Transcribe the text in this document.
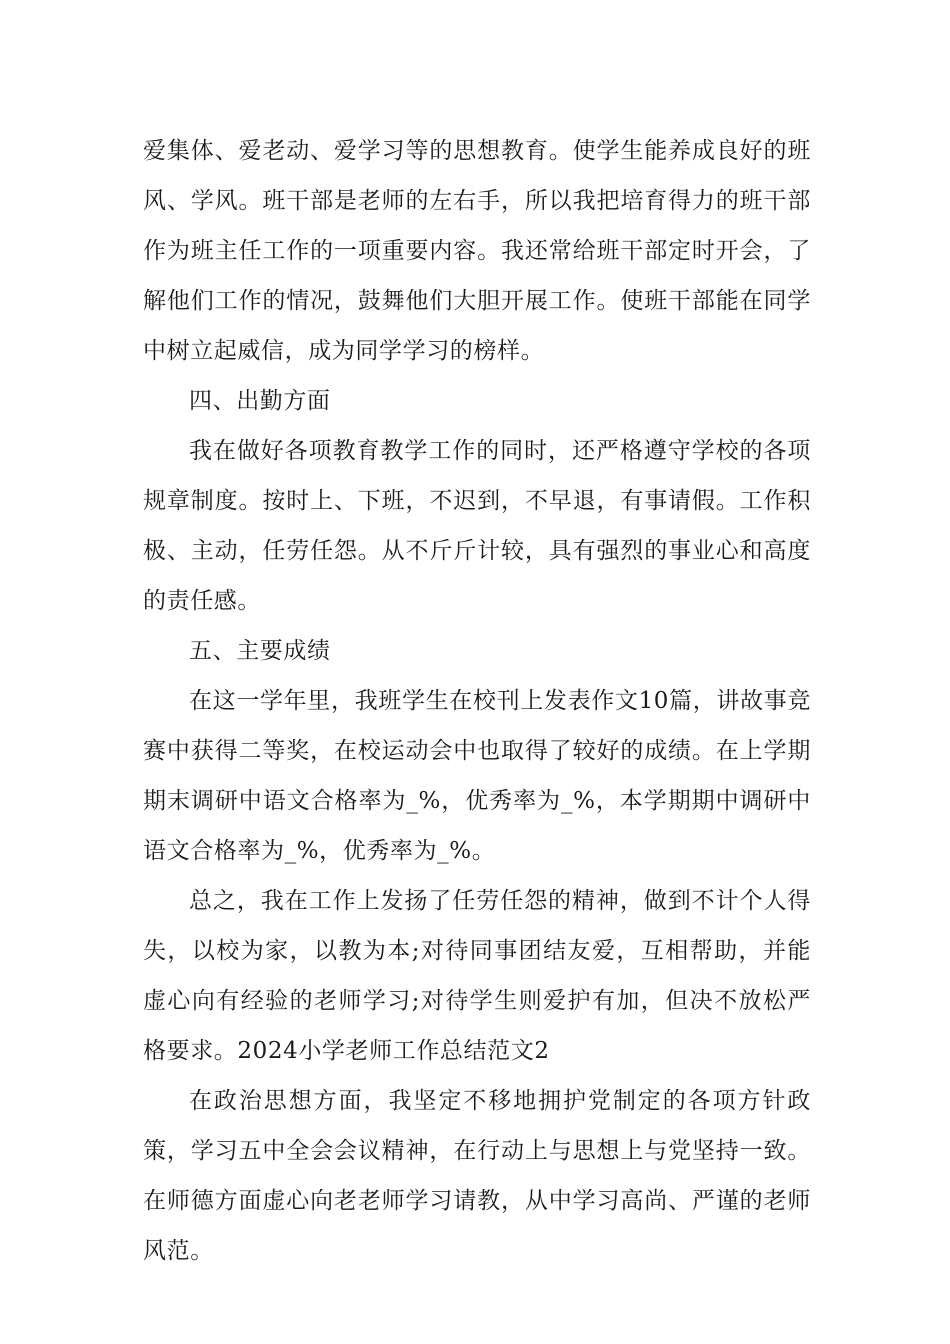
爱集体、爱老动、爱学习等的思想教育。使学生能养成良好的班风、学风。班干部是老师的左右手，所以我把培育得力的班干部作为班主任工作的一项重要内容。我还常给班干部定时开会，了解他们工作的情况，鼓舞他们大胆开展工作。使班干部能在同学中树立起威信，成为同学学习的榜样。

四、出勤方面

我在做好各项教育教学工作的同时，还严格遵守学校的各项规章制度。按时上、下班，不迟到，不早退，有事请假。工作积极、主动，任劳任怨。从不斤斤计较，具有强烈的事业心和高度的责任感。

五、主要成绩

在这一学年里，我班学生在校刊上发表作文10篇，讲故事竞赛中获得二等奖，在校运动会中也取得了较好的成绩。在上学期期末调研中语文合格率为_%，优秀率为_%，本学期期中调研中语文合格率为_%，优秀率为_%。

总之，我在工作上发扬了任劳任怨的精神，做到不计个人得失，以校为家，以教为本;对待同事团结友爱，互相帮助，并能虚心向有经验的老师学习;对待学生则爱护有加，但决不放松严格要求。2024小学老师工作总结范文2

在政治思想方面，我坚定不移地拥护党制定的各项方针政策，学习五中全会会议精神，在行动上与思想上与党坚持一致。在师德方面虚心向老老师学习请教，从中学习高尚、严谨的老师风范。
